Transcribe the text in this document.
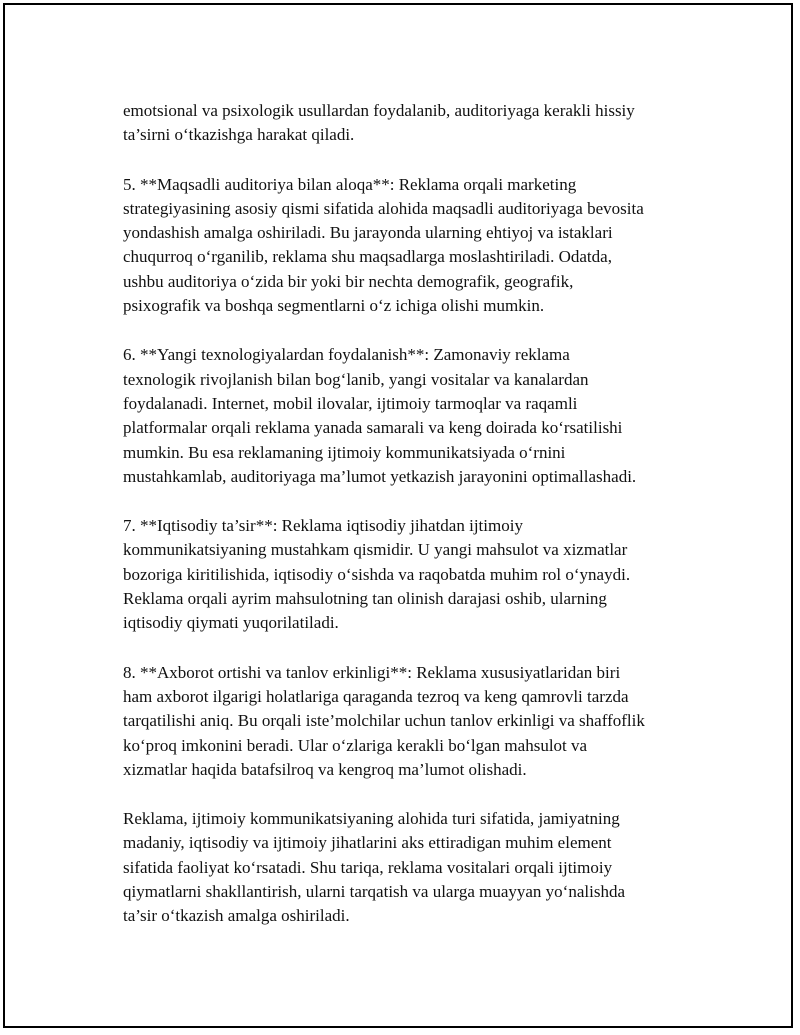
emotsional va psixologik usullardan foydalanib, auditoriyaga kerakli hissiy
ta’sirni o‘tkazishga harakat qiladi.

5. **Maqsadli auditoriya bilan aloqa**: Reklama orqali marketing
strategiyasining asosiy qismi sifatida alohida maqsadli auditoriyaga bevosita
yondashish amalga oshiriladi. Bu jarayonda ularning ehtiyoj va istaklari
chuqurroq o‘rganilib, reklama shu maqsadlarga moslashtiriladi. Odatda,
ushbu auditoriya o‘zida bir yoki bir nechta demografik, geografik,
psixografik va boshqa segmentlarni o‘z ichiga olishi mumkin.

6. **Yangi texnologiyalardan foydalanish**: Zamonaviy reklama
texnologik rivojlanish bilan bog‘lanib, yangi vositalar va kanalardan
foydalanadi. Internet, mobil ilovalar, ijtimoiy tarmoqlar va raqamli
platformalar orqali reklama yanada samarali va keng doirada ko‘rsatilishi
mumkin. Bu esa reklamaning ijtimoiy kommunikatsiyada o‘rnini
mustahkamlab, auditoriyaga ma’lumot yetkazish jarayonini optimallashadi.

7. **Iqtisodiy ta’sir**: Reklama iqtisodiy jihatdan ijtimoiy
kommunikatsiyaning mustahkam qismidir. U yangi mahsulot va xizmatlar
bozoriga kiritilishida, iqtisodiy o‘sishda va raqobatda muhim rol o‘ynaydi.
Reklama orqali ayrim mahsulotning tan olinish darajasi oshib, ularning
iqtisodiy qiymati yuqorilatiladi.

8. **Axborot ortishi va tanlov erkinligi**: Reklama xususiyatlaridan biri
ham axborot ilgarigi holatlariga qaraganda tezroq va keng qamrovli tarzda
tarqatilishi aniq. Bu orqali iste’molchilar uchun tanlov erkinligi va shaffoflik
ko‘proq imkonini beradi. Ular o‘zlariga kerakli bo‘lgan mahsulot va
xizmatlar haqida batafsilroq va kengroq ma’lumot olishadi.

Reklama, ijtimoiy kommunikatsiyaning alohida turi sifatida, jamiyatning
madaniy, iqtisodiy va ijtimoiy jihatlarini aks ettiradigan muhim element
sifatida faoliyat ko‘rsatadi. Shu tariqa, reklama vositalari orqali ijtimoiy
qiymatlarni shakllantirish, ularni tarqatish va ularga muayyan yo‘nalishda
ta’sir o‘tkazish amalga oshiriladi.
